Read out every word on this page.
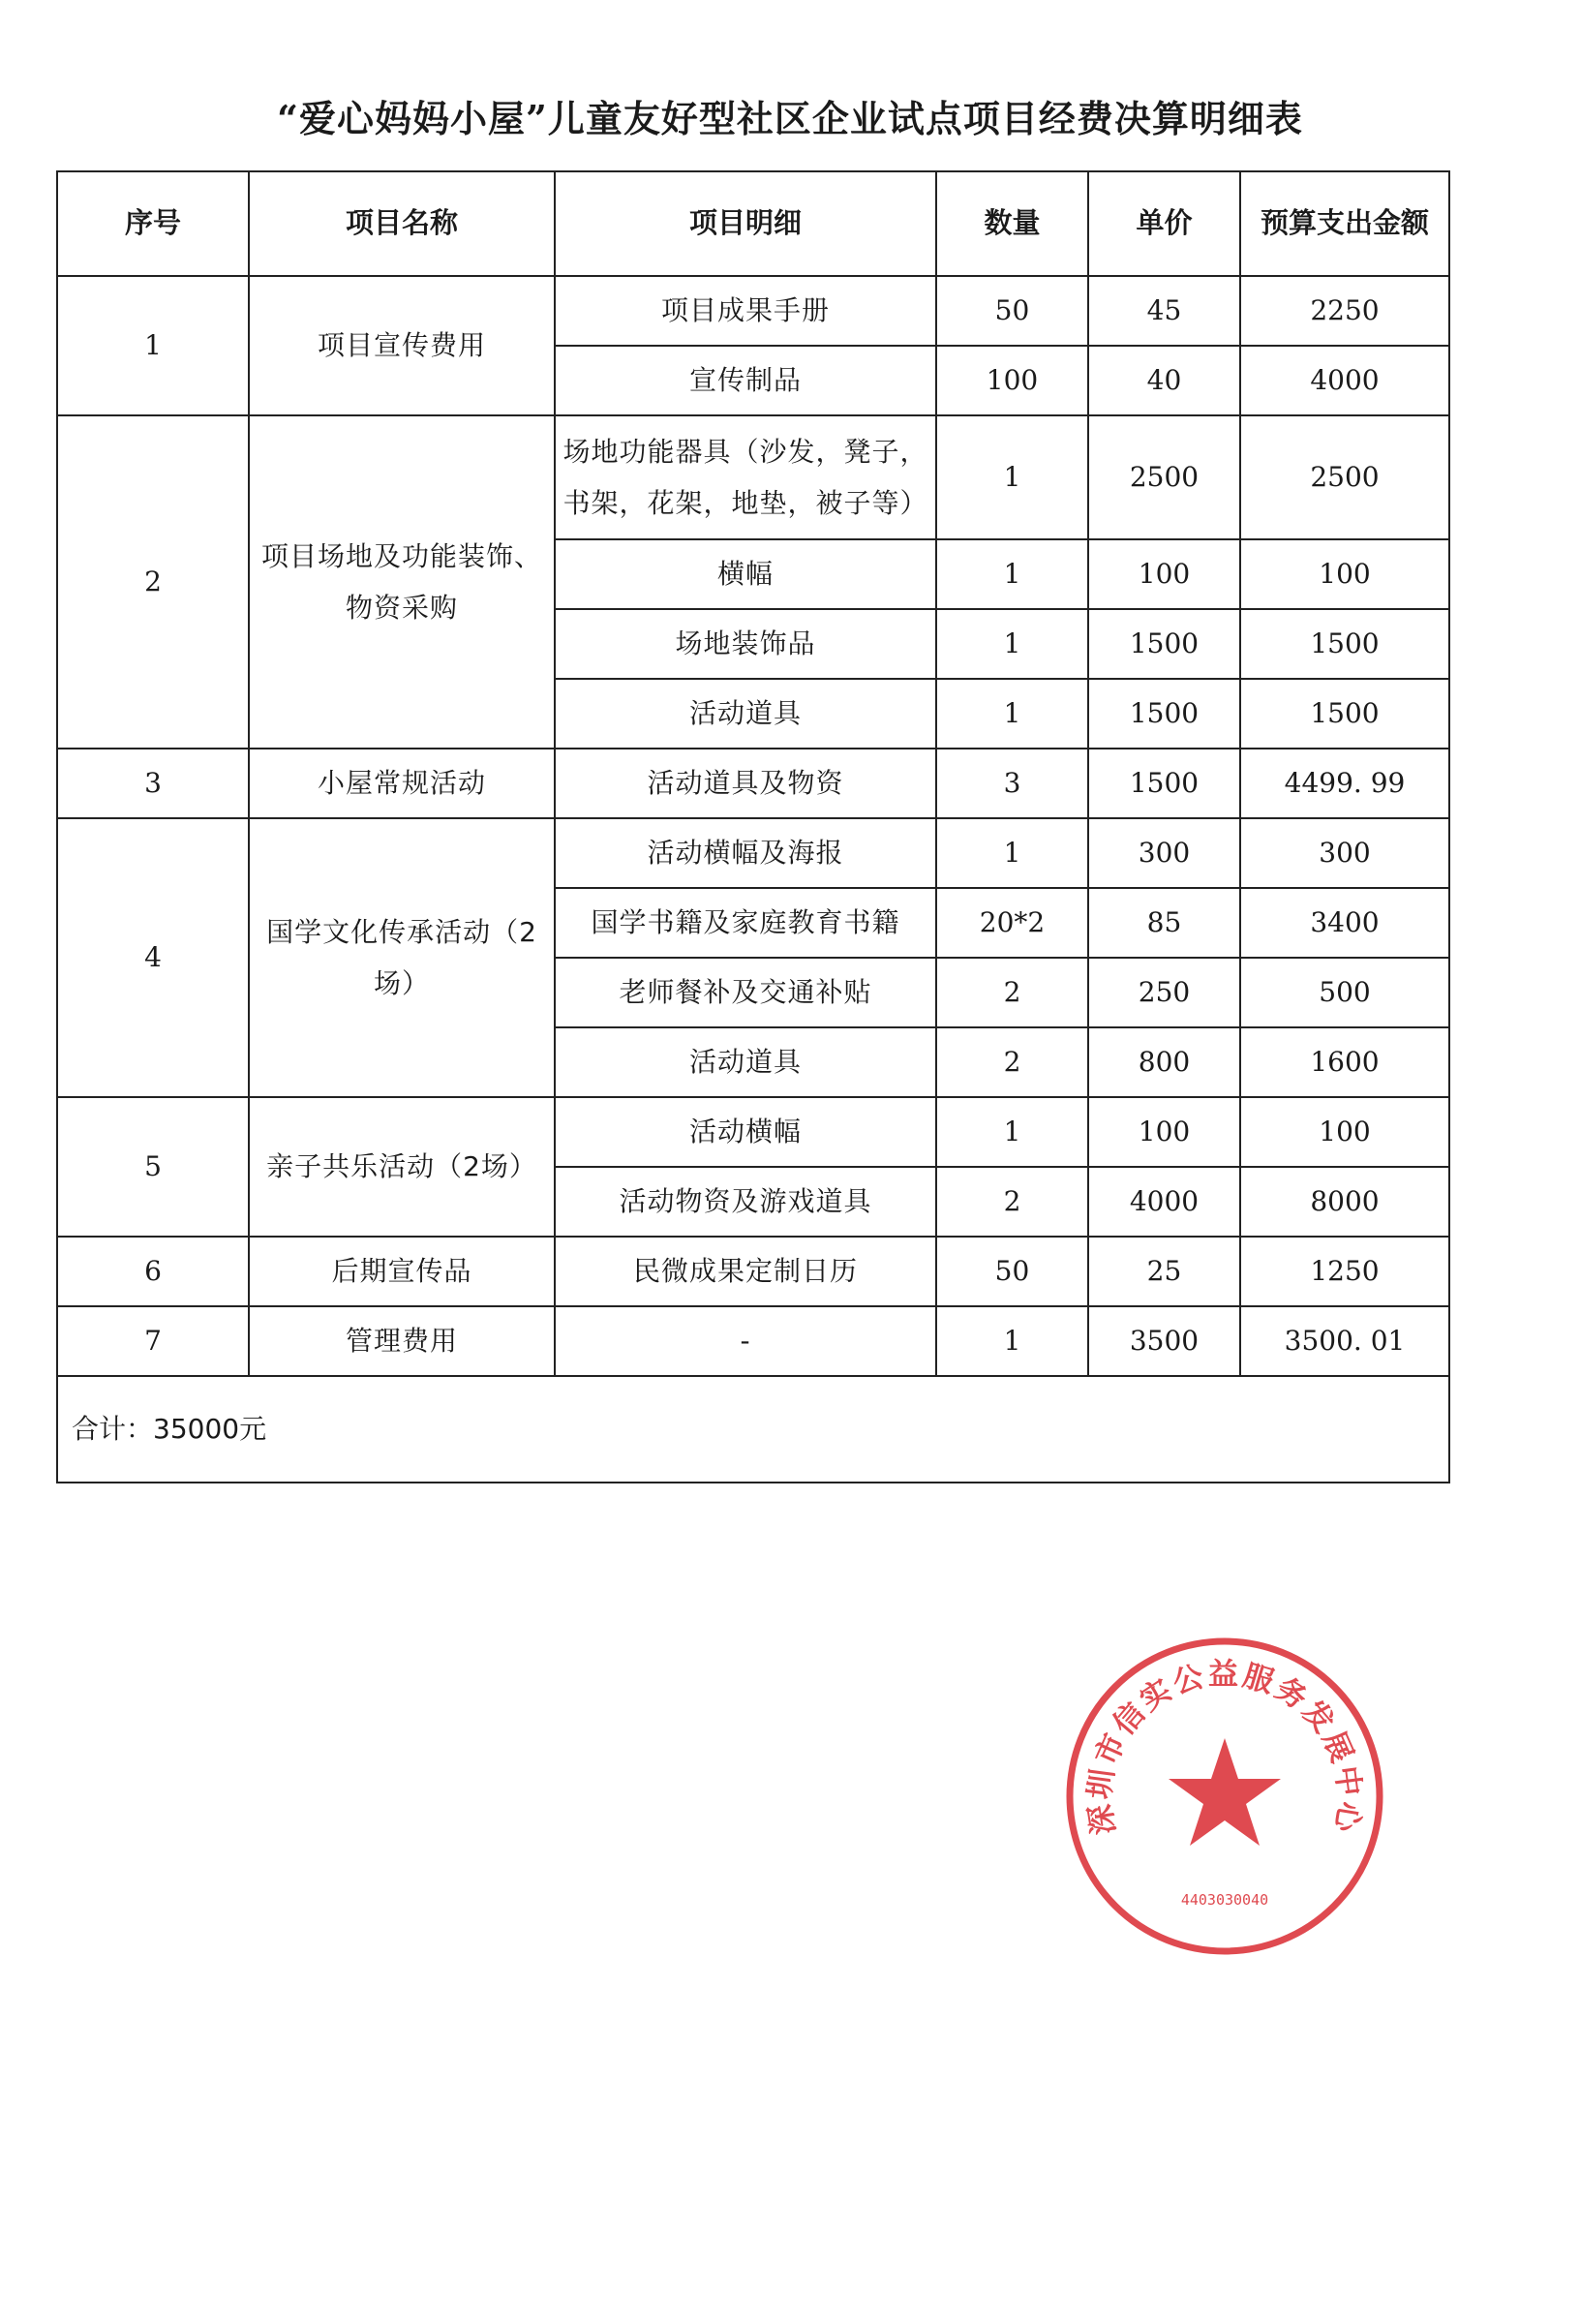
“爱心妈妈小屋”儿童友好型社区企业试点项目经费决算明细表
序号	项目名称	项目明细	数量	单价	预算支出金额
1	项目宣传费用	项目成果手册	50	45	2250
		宣传制品	100	40	4000
2	项目场地及功能装饰、物资采购	场地功能器具（沙发，凳子，书架，花架，地垫，被子等）	1	2500	2500
		横幅	1	100	100
		场地装饰品	1	1500	1500
		活动道具	1	1500	1500
3	小屋常规活动	活动道具及物资	3	1500	4499. 99
4	国学文化传承活动（2场）	活动横幅及海报	1	300	300
		国学书籍及家庭教育书籍	20*2	85	3400
		老师餐补及交通补贴	2	250	500
		活动道具	2	800	1600
5	亲子共乐活动（2场）	活动横幅	1	100	100
		活动物资及游戏道具	2	4000	8000
6	后期宣传品	民微成果定制日历	50	25	1250
7	管理费用	-	1	3500	3500. 01
合计：35000元					
深圳市信实公益服务发展中心
4403030040
